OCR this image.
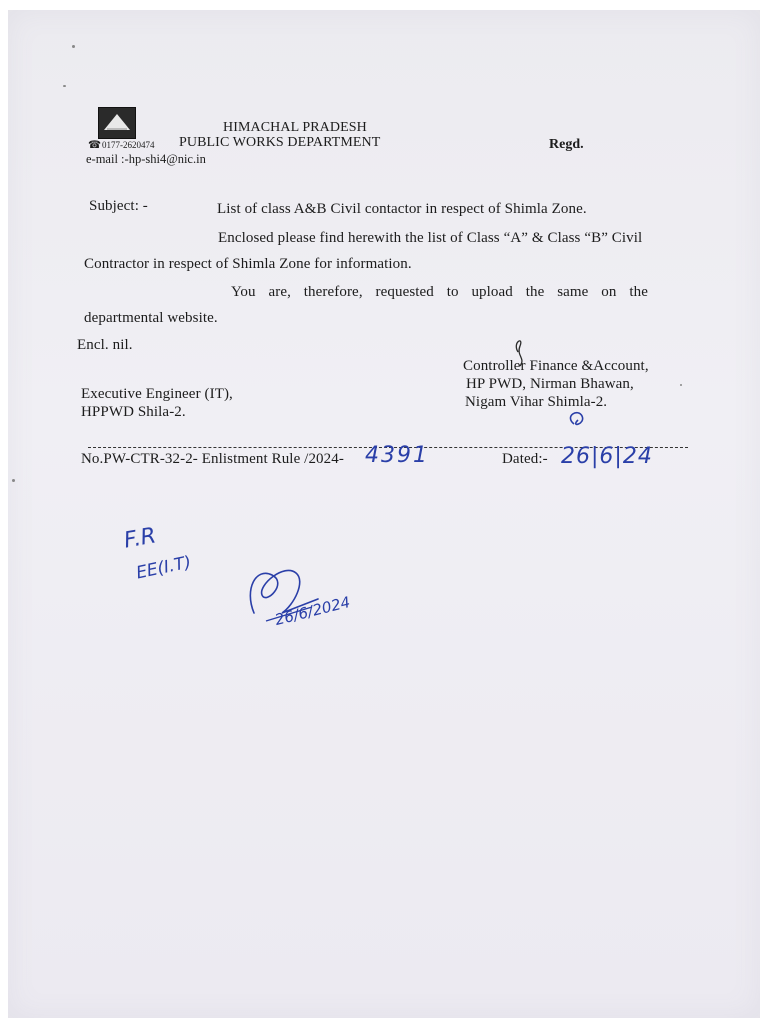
HIMACHAL PRADESH
☎ 0177-2620474 PUBLIC WORKS DEPARTMENT	Regd.
e-mail :-hp-shi4@nic.in
Subject: -	List of class A&B Civil contactor in respect of Shimla Zone.
Enclosed please find herewith the list of Class “A” & Class “B” Civil
Contractor in respect of Shimla Zone for information.
You are, therefore, requested to upload the same on the
departmental website.
Encl. nil.
Controller Finance &Account,
HP PWD, Nirman Bhawan,
Nigam Vihar Shimla-2.
Executive Engineer (IT),
HPPWD Shila-2.
No.PW-CTR-32-2- Enlistment Rule /2024- 4391	Dated:- 26|6|24
F.R
EE(I.T)
26/6/2024
